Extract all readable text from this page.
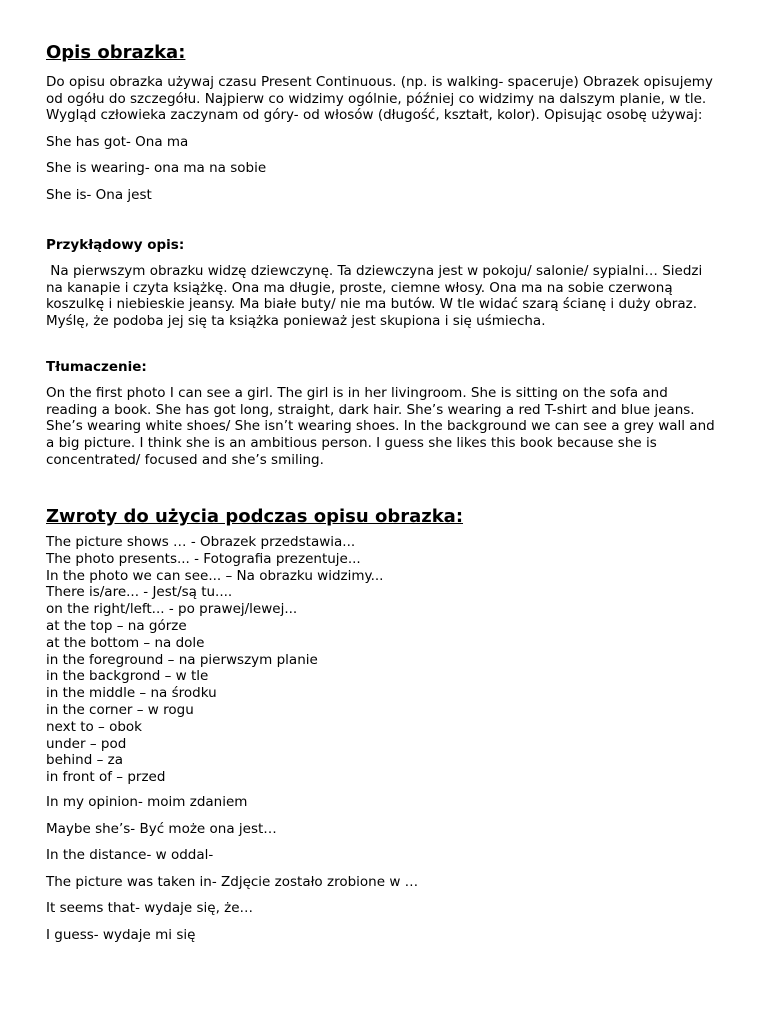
Opis obrazka:

Do opisu obrazka używaj czasu Present Continuous. (np. is walking- spaceruje) Obrazek opisujemy od ogółu do szczegółu. Najpierw co widzimy ogólnie, później co widzimy na dalszym planie, w tle. Wygląd człowieka zaczynam od góry- od włosów (długość, kształt, kolor). Opisując osobę używaj:

She has got- Ona ma

She is wearing- ona ma na sobie

She is- Ona jest

Przykłądowy opis:

Na pierwszym obrazku widzę dziewczynę. Ta dziewczyna jest w pokoju/ salonie/ sypialni… Siedzi na kanapie i czyta książkę. Ona ma długie, proste, ciemne włosy. Ona ma na sobie czerwoną koszulkę i niebieskie jeansy. Ma białe buty/ nie ma butów. W tle widać szarą ścianę i duży obraz. Myślę, że podoba jej się ta książka ponieważ jest skupiona i się uśmiecha.

Tłumaczenie:

On the first photo I can see a girl. The girl is in her livingroom. She is sitting on the sofa and reading a book. She has got long, straight, dark hair. She’s wearing a red T-shirt and blue jeans. She’s wearing white shoes/ She isn’t wearing shoes. In the background we can see a grey wall and a big picture. I think she is an ambitious person. I guess she likes this book because she is concentrated/ focused and she’s smiling.

Zwroty do użycia podczas opisu obrazka:
The picture shows … - Obrazek przedstawia...
The photo presents... - Fotografia prezentuje...
In the photo we can see... – Na obrazku widzimy...
There is/are... - Jest/są tu....
on the right/left... - po prawej/lewej...
at the top – na górze
at the bottom – na dole
in the foreground – na pierwszym planie
in the backgrond – w tle
in the middle – na środku
in the corner – w rogu
next to – obok
under – pod
behind – za
in front of – przed

In my opinion- moim zdaniem

Maybe she’s- Być może ona jest…

In the distance- w oddal-

The picture was taken in- Zdjęcie zostało zrobione w …

It seems that- wydaje się, że…

I guess- wydaje mi się
